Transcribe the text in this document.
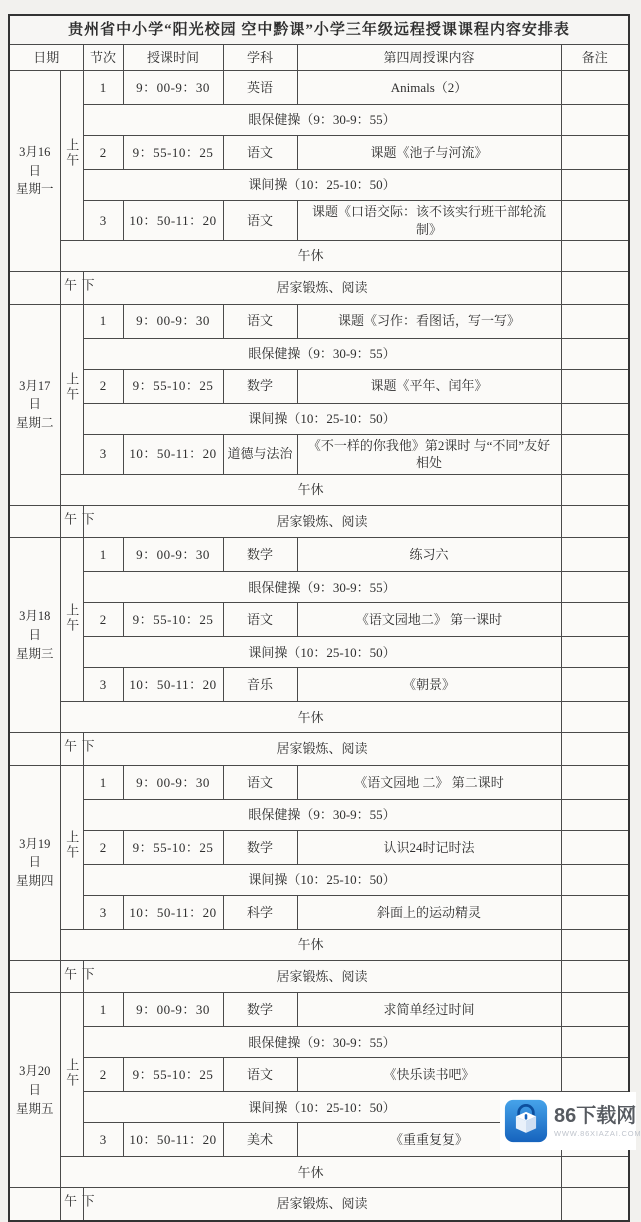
贵州省中小学“阳光校园 空中黔课”小学三年级远程授课课程内容安排表						
日期		节次	授课时间	学科	第四周授课内容	备注

3月16日
星期一	上午	1	9：00-9：30	英语	Animals（2）	
		眼保健操（9：30-9：55）				
		2	9：55-10：25	语文	课题《池子与河流》	
		课间操（10：25-10：50）				
		3	10：50-11：20	语文	课题《口语交际：该不该实行班干部轮流制》	
	午休					
	下午	居家锻炼、阅读				

3月17日
星期二	上午	1	9：00-9：30	语文	课题《习作：看图话，写一写》	
		眼保健操（9：30-9：55）				
		2	9：55-10：25	数学	课题《平年、闰年》	
		课间操（10：25-10：50）				
		3	10：50-11：20	道德与法治	《不一样的你我他》第2课时 与“不同”友好相处	
	午休					
	下午	居家锻炼、阅读				

3月18日
星期三	上午	1	9：00-9：30	数学	练习六	
		眼保健操（9：30-9：55）				
		2	9：55-10：25	语文	《语文园地二》 第一课时	
		课间操（10：25-10：50）				
		3	10：50-11：20	音乐	《朝景》	
	午休					
	下午	居家锻炼、阅读				

3月19日
星期四	上午	1	9：00-9：30	语文	《语文园地 二》 第二课时	
		眼保健操（9：30-9：55）				
		2	9：55-10：25	数学	认识24时记时法	
		课间操（10：25-10：50）				
		3	10：50-11：20	科学	斜面上的运动精灵	
	午休					
	下午	居家锻炼、阅读				

3月20日
星期五	上午	1	9：00-9：30	数学	求简单经过时间	
		眼保健操（9：30-9：55）				
		2	9：55-10：25	语文	《快乐读书吧》	
		课间操（10：25-10：50）				
		3	10：50-11：20	美术	《重重复复》	
	午休					
	下午	居家锻炼、阅读				
86下载网
WWW.86XIAZAI.COM
